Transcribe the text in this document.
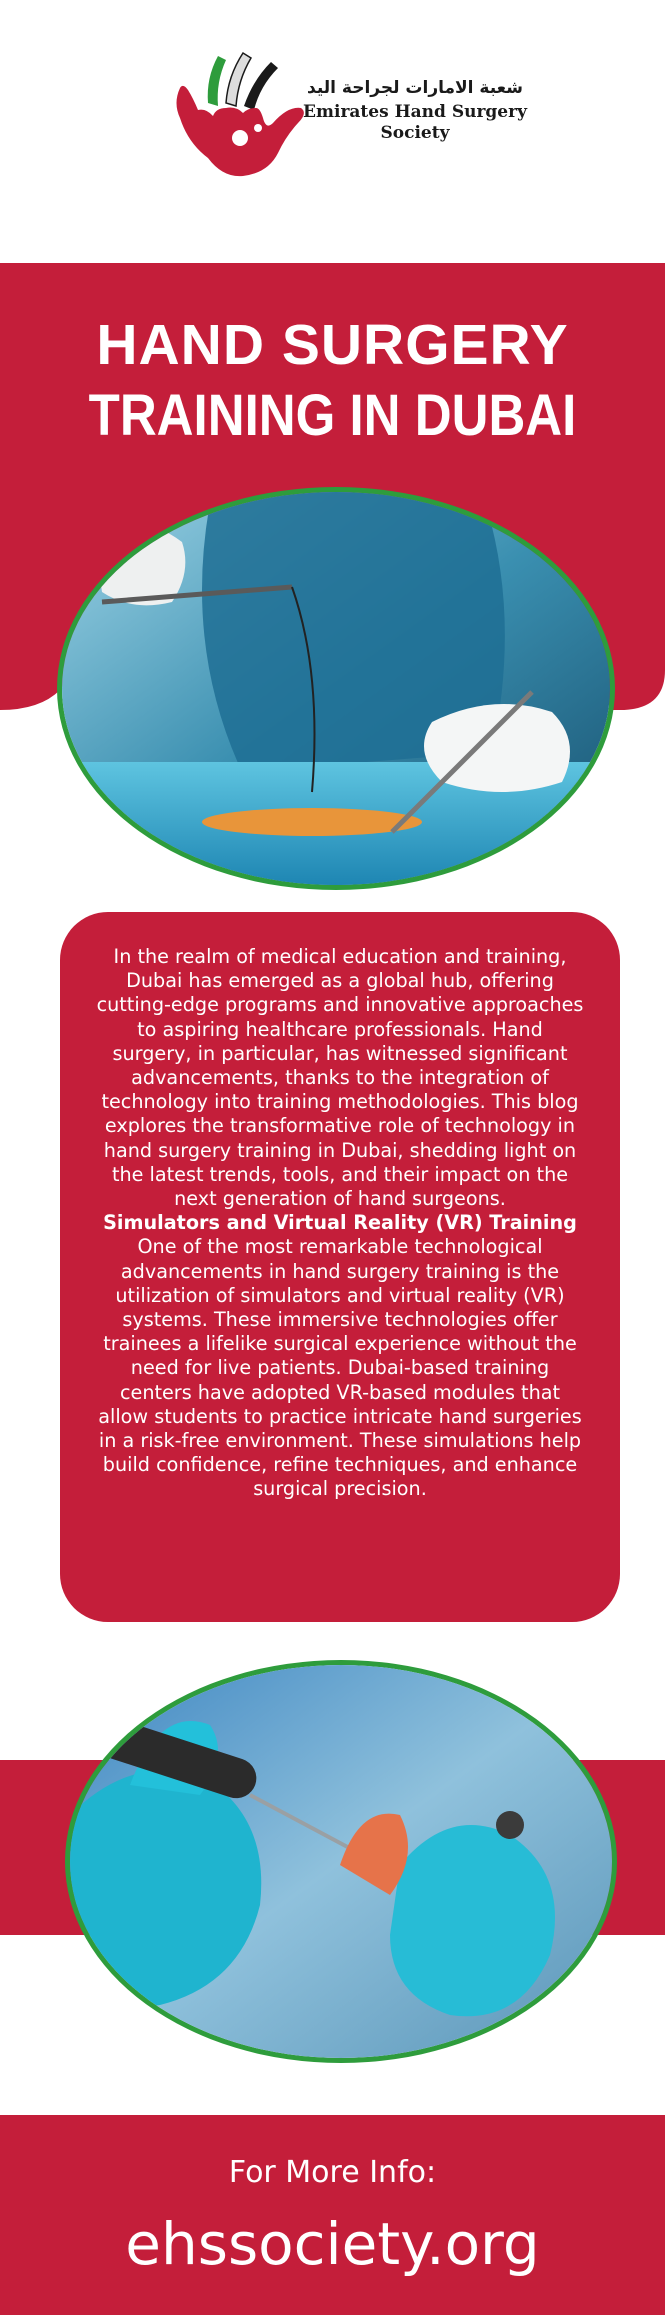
شعبة الامارات لجراحة اليد
Emirates Hand Surgery Society
HAND SURGERY
TRAINING IN DUBAI

In the realm of medical education and training, Dubai has emerged as a global hub, offering cutting-edge programs and innovative approaches to aspiring healthcare professionals. Hand surgery, in particular, has witnessed significant advancements, thanks to the integration of technology into training methodologies. This blog explores the transformative role of technology in hand surgery training in Dubai, shedding light on the latest trends, tools, and their impact on the next generation of hand surgeons.

Simulators and Virtual Reality (VR) Training

One of the most remarkable technological advancements in hand surgery training is the utilization of simulators and virtual reality (VR) systems. These immersive technologies offer trainees a lifelike surgical experience without the need for live patients. Dubai-based training centers have adopted VR-based modules that allow students to practice intricate hand surgeries in a risk-free environment. These simulations help build confidence, refine techniques, and enhance surgical precision.

For More Info:
ehssociety.org
